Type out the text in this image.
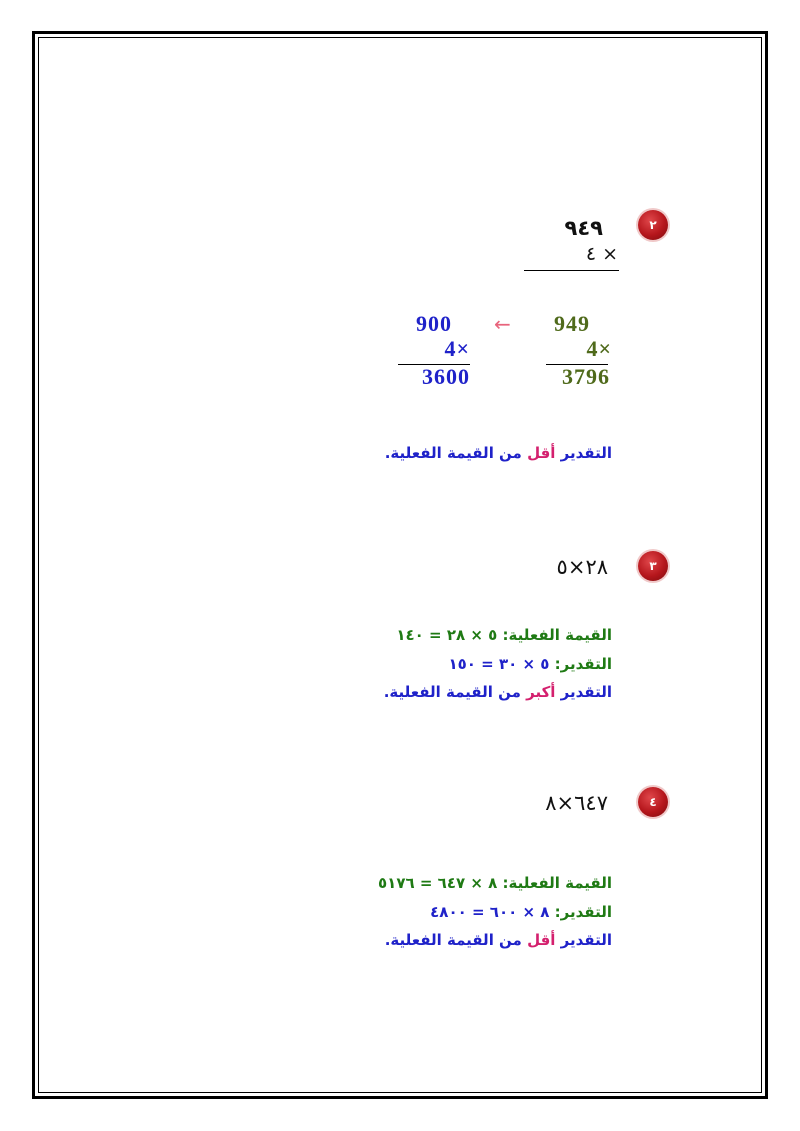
٢
٩٤٩
٤ ×
900
4×
3600
← 949
4×
3796
التقدير أقل من القيمة الفعلية.
٣
٢٨×٥
القيمة الفعلية: ٥ × ٢٨ = ١٤٠
التقدير: ٥ × ٣٠ = ١٥٠
التقدير أكبر من القيمة الفعلية.
٤
٦٤٧×٨
القيمة الفعلية: ٨ × ٦٤٧ = ٥١٧٦
التقدير: ٨ × ٦٠٠ = ٤٨٠٠
التقدير أقل من القيمة الفعلية.
